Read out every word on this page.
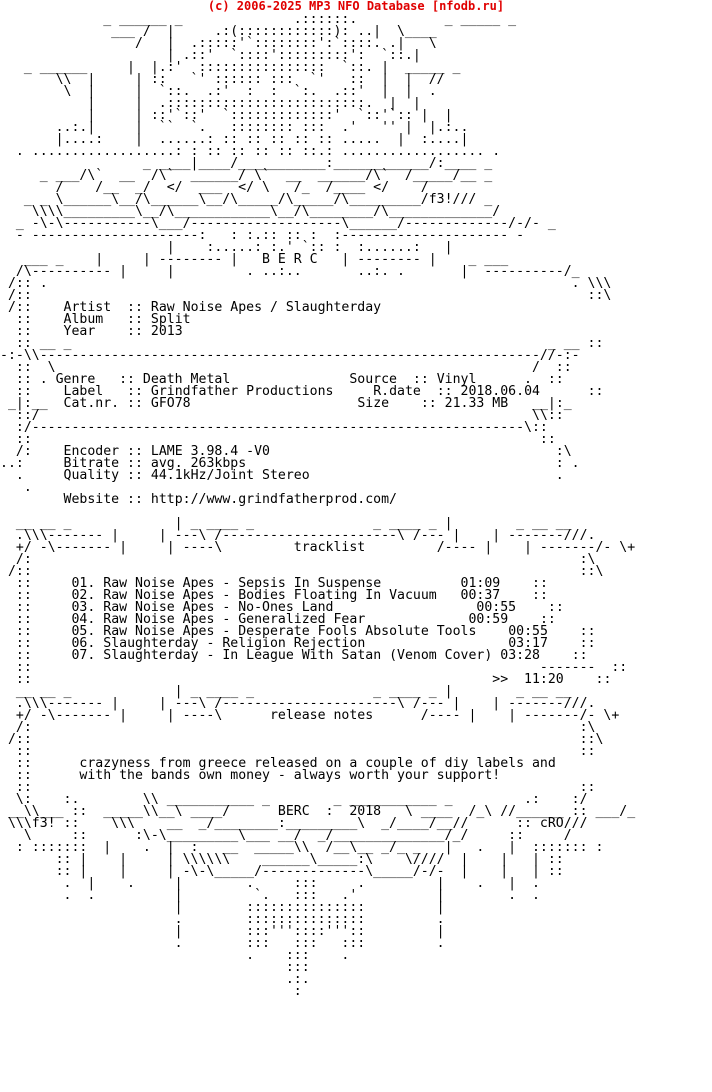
(c) 2006-2025 MP3 NFO Database [nfodb.ru]
_ ______ _              .::::::.           _ _____ _
___ /  |     .:(::::::::::::): ..|  \____
/   |  .:::::'`::::::::':`::::. .|   \
| .::'  `::::':::::::::':  `::.|
_ ______     |  |.:'  ::::::::::::::::  `::. |  _____ _
\\  |     | ::   `' :::::: :::  `'   ::  |  |  //
\  |     |  `::.  .:'  :  :  `:.  .::'  |  |  .
|     |  .:::::::::::::::::::::::::.  |  |
|     | ::'`::'  `:::::::::::::'  `::'`:: |  |
..:.|     |  ``  `.   :::::::: :::  .'   '' |  |.:..
|....:    |  ......: :: :: :: :: :: .....  |  :....|
. ..................: : :: :: :: :: ::.: .................. .
_ ____|____/___________:____________/:____ _
_ ___/\`  __  /\`  ______/ \`  __  ______/\`  /_____/__ _
/    /__  _/  </  ___  </ \   /_  /____ </    /
_ _ \______\__/\______\__/\_____/\_____/\_________/f3!/// _
\\\\_________\__/\____________\__/\________/\_____________/
_ -\-\-----------\___/-------------------\______/-------------/-/- _
- ---------------------:   : :.:: :: :  :--------------------- -
|    :.....: :.' `:: :  :......:   |
___ _    |     | -------- |   B E R C   | -------- |    _ ___
/\---------- |     |         . ..:..       ..:. .       |  ----------/_
/:: .                                                                  . \\\
/::                                                                      ::\
/::    Artist  :: Raw Noise Apes / Slaughterday
::    Album   :: Split
::    Year    :: 2013
:: __ _                                                            _ __ ::
-:-\\---------------------------------------------------------------//-:-
::  \                                                            /  ::
:: . Genre   :: Death Metal	Source  :: Vinyl	.  ::
::    Label   :: Grindfather Productions	R.date  :: 2018.06.04	::
_|:__  Cat.nr. :: GFO78	Size    :: 21.33 MB   __|:_
::/                                                              \\::
:/--------------------------------------------------------------\::
::                                                                ::
/:    Encoder :: LAME 3.98.4 -V0	:\
..:	Bitrate :: avg. 263kbps	: .
.	Quality :: 44.1kHz/Joint Stereo	.
.
Website :: http://www.grindfatherprod.com/

__ __ _             | _ ____ _               _ ____ _ |        _ __ __
.\\\------- |     | ---\ /----------------------\ /--- |    | -------///.
+/ -\------- |     | ----\	tracklist	/---- |    | -------/- \+
/:                                                                     :\
/::                                                                     ::\
::	01. Raw Noise Apes - Sepsis In Suspense	01:09    ::
::	02. Raw Noise Apes - Bodies Floating In Vacuum 00:37    ::
::	03. Raw Noise Apes - No-Ones Land	00:55    ::
::	04. Raw Noise Apes - Generalized Fear	00:59    ::
::	05. Raw Noise Apes - Desperate Fools Absolute Tools 00:55    ::
::	06. Slaughterday - Religion Rejection	03:17    ::
::	07. Slaughterday - In League With Satan (Venom Cover) 03:28    ::
::                                                                -------  ::
::	>> 11:20    ::
__ __ _             | _ ____ _               _ ____ _ |        _ __ __
.\\\------- |     | ---\ /----------------------\ /--- |    | -------///.
+/ -\------- |     | ----\	release notes	/---- |    | -------/- \+
/:                                                                     :\
/::                                                                     ::\
::                                                                     ::
::	crazyness from greece released on a couple of diy labels and
::	with the bands own money - always worth your support!
::                                                                     ::
\:    :.        \\ ___________ _        _ ___________ _         .:    :/
__\\___ ::  _____\\__\ ____/	BERC  :  2018   \ ____  /_\ //______ :: ___/_
\\\f3! ::    \\\    __  _/________:_________\  _/____/__//      :: cRO///
\     ::      :\-\_________\___ __/  _/______________/_/     ::     /
: :::::::  |    .  |  :   __  _____\\  /__\__ _/_ _   |   .   |  ::::::: :
:: |    |     | \\\\\\    ______\_____:\    \////  |    |   | ::
:: |    |     | -\-\_____/-------------\_____/-/-  |    |   | ::
.  |    .     |        .     :::     .         |    .   |  .
.  .          |         `.   :::   .'          |        .  .
|        :::::::::::::::         |
.        :::::::::::::::         .
|        :::'''::::'''::         |
.        :::   :::   :::         .
.    :::    .
:::
.:.
:
